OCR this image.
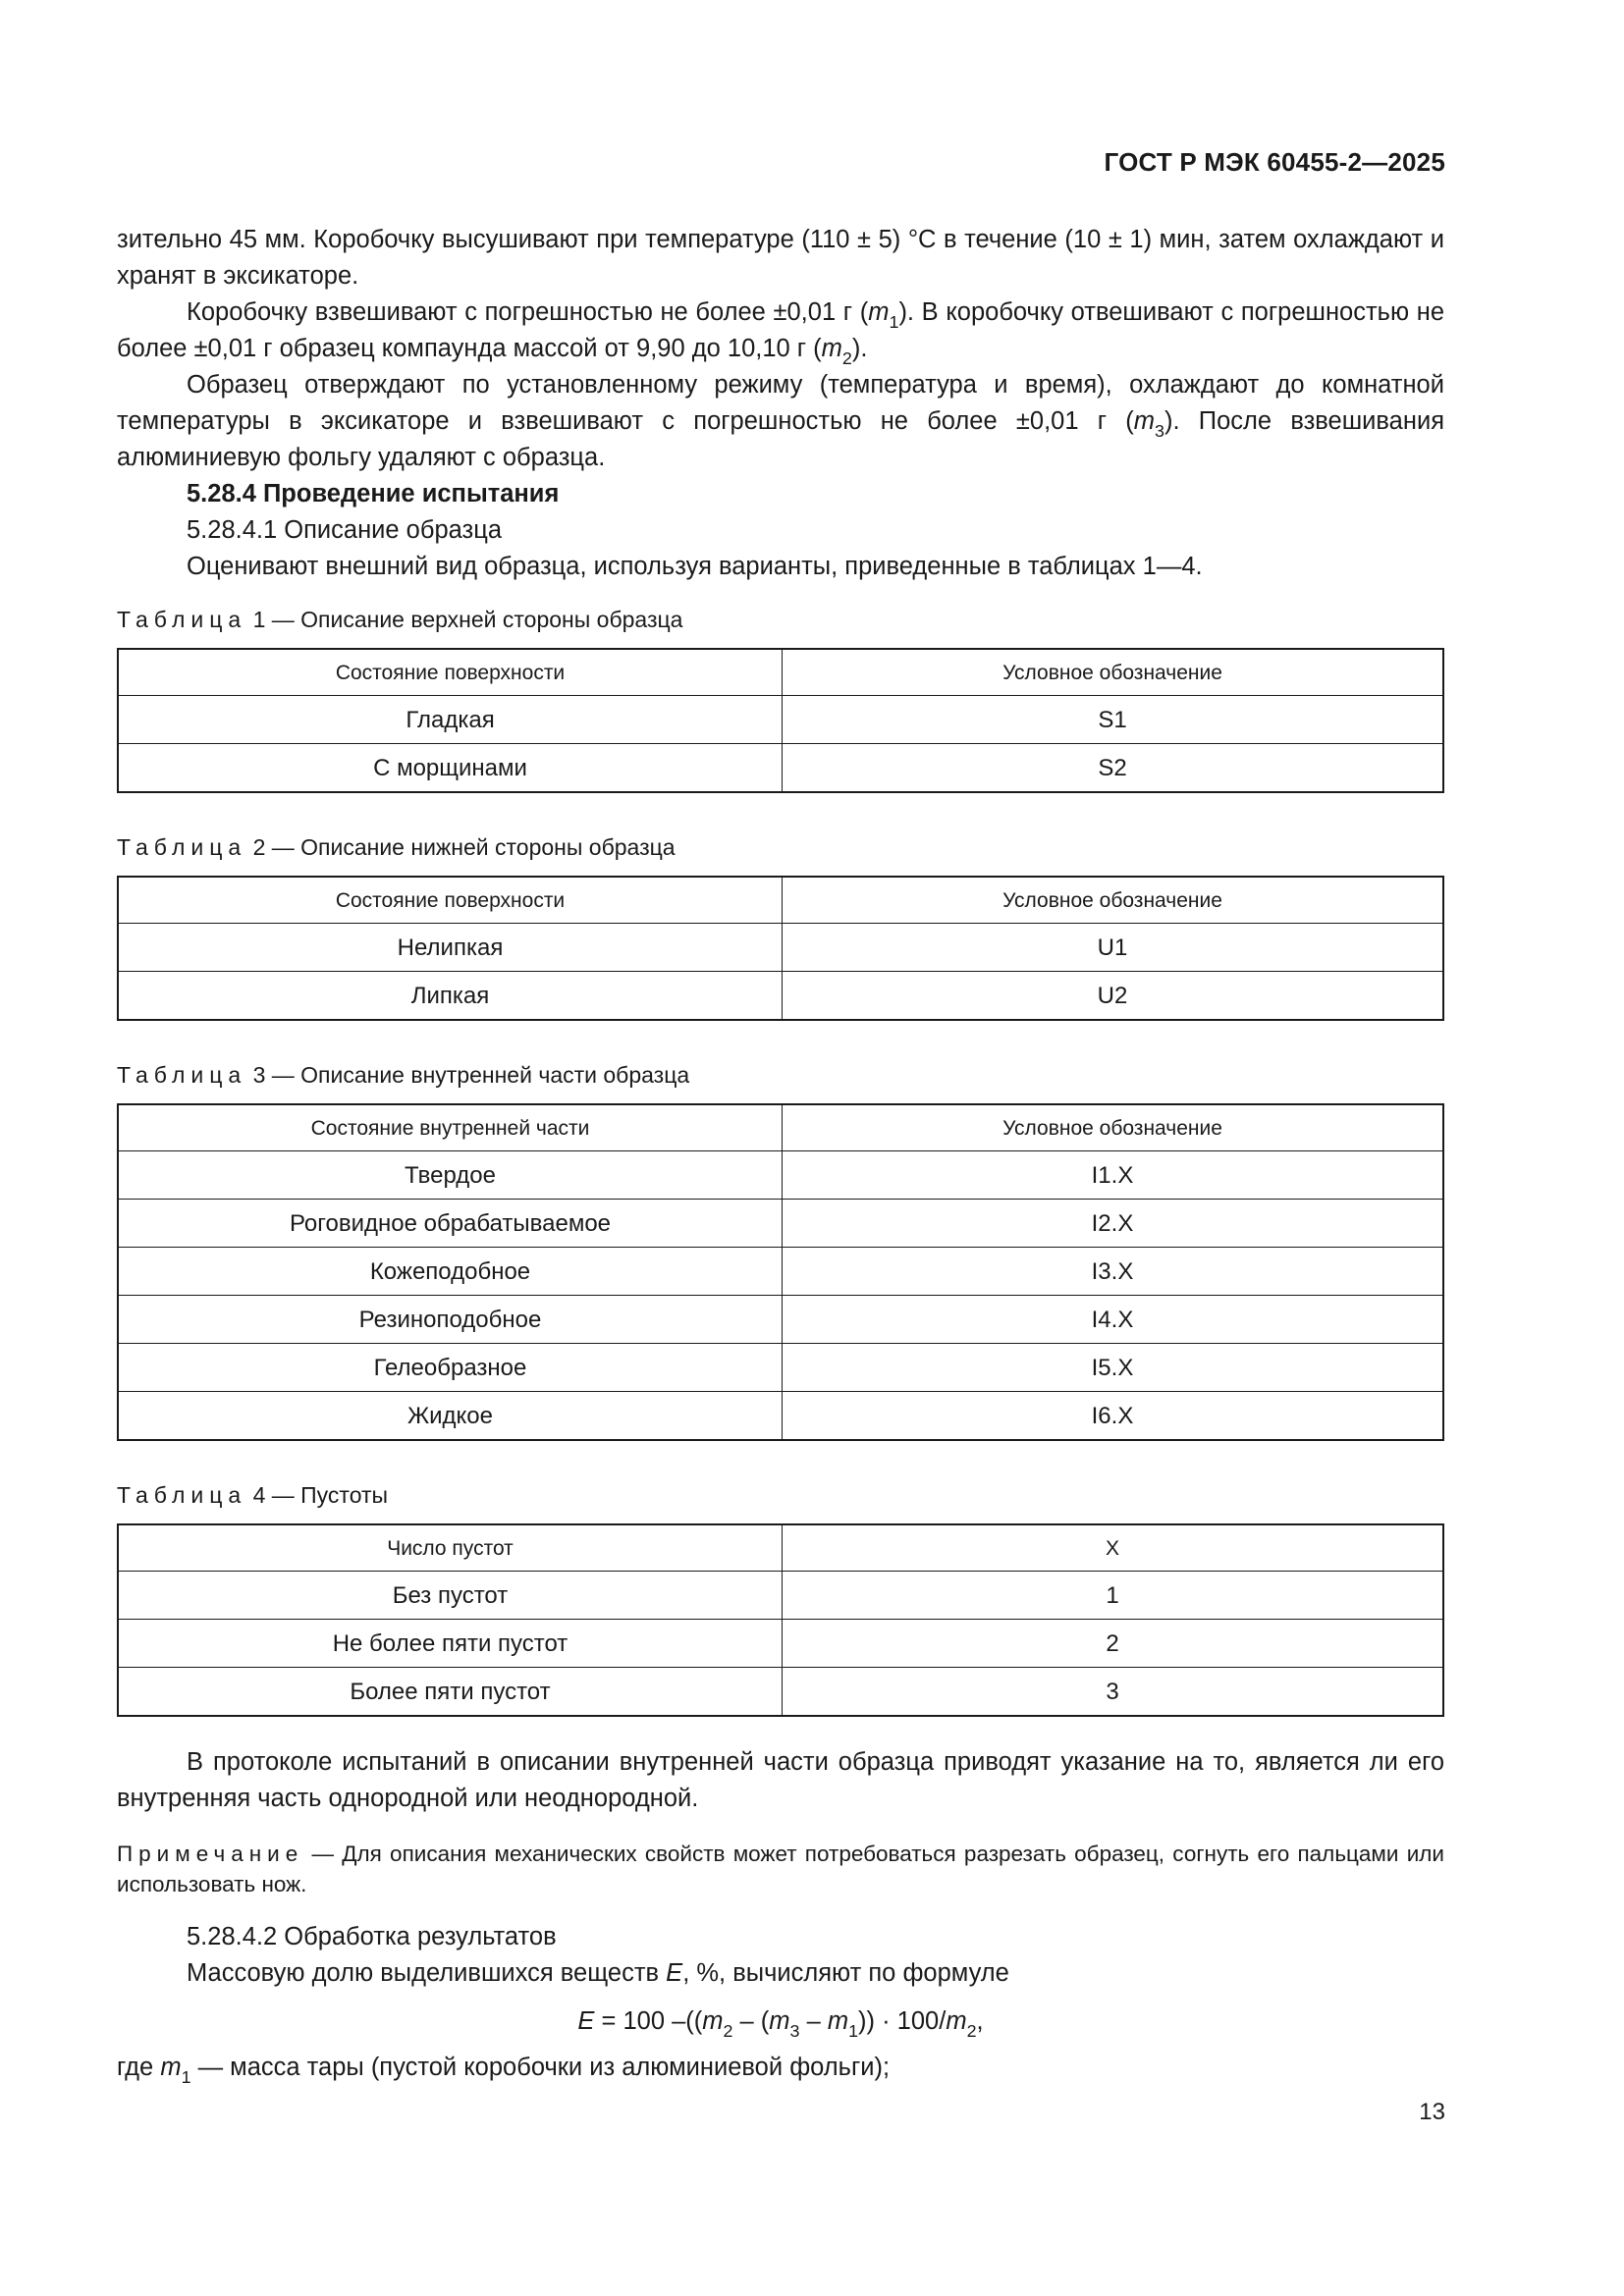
ГОСТ Р МЭК 60455-2—2025

зительно 45 мм. Коробочку высушивают при температуре (110 ± 5) °C в течение (10 ± 1) мин, затем охлаждают и хранят в эксикаторе.

Коробочку взвешивают с погрешностью не более ±0,01 г $(m_1)$. В коробочку отвешивают с погрешностью не более ±0,01 г образец компаунда массой от 9,90 до 10,10 г $(m_2)$.

Образец отверждают по установленному режиму (температура и время), охлаждают до комнатной температуры в эксикаторе и взвешивают с погрешностью не более ±0,01 г $(m_3)$. После взвешивания алюминиевую фольгу удаляют с образца.

5.28.4 Проведение испытания

5.28.4.1 Описание образца

Оценивают внешний вид образца, используя варианты, приведенные в таблицах 1—4.

Таблица 1 — Описание верхней стороны образца

Состояние поверхности	Условное обозначение
Гладкая	S1
С морщинами	S2

Таблица 2 — Описание нижней стороны образца

Состояние поверхности	Условное обозначение
Нелипкая	U1
Липкая	U2

Таблица 3 — Описание внутренней части образца

Состояние внутренней части	Условное обозначение
Твердое	I1.X
Роговидное обрабатываемое	I2.X
Кожеподобное	I3.X
Резиноподобное	I4.X
Гелеобразное	I5.X
Жидкое	I6.X

Таблица 4 — Пустоты

Число пустот	X
Без пустот	1
Не более пяти пустот	2
Более пяти пустот	3

В протоколе испытаний в описании внутренней части образца приводят указание на то, является ли его внутренняя часть однородной или неоднородной.

Примечание — Для описания механических свойств может потребоваться разрезать образец, согнуть его пальцами или использовать нож.

5.28.4.2 Обработка результатов

Массовую долю выделившихся веществ E, %, вычисляют по формуле

E = 100 $-((m_2 - (m_3 - m_1)) \cdot 100/m_2$,

где $m_1$ — масса тары (пустой коробочки из алюминиевой фольги);

13
